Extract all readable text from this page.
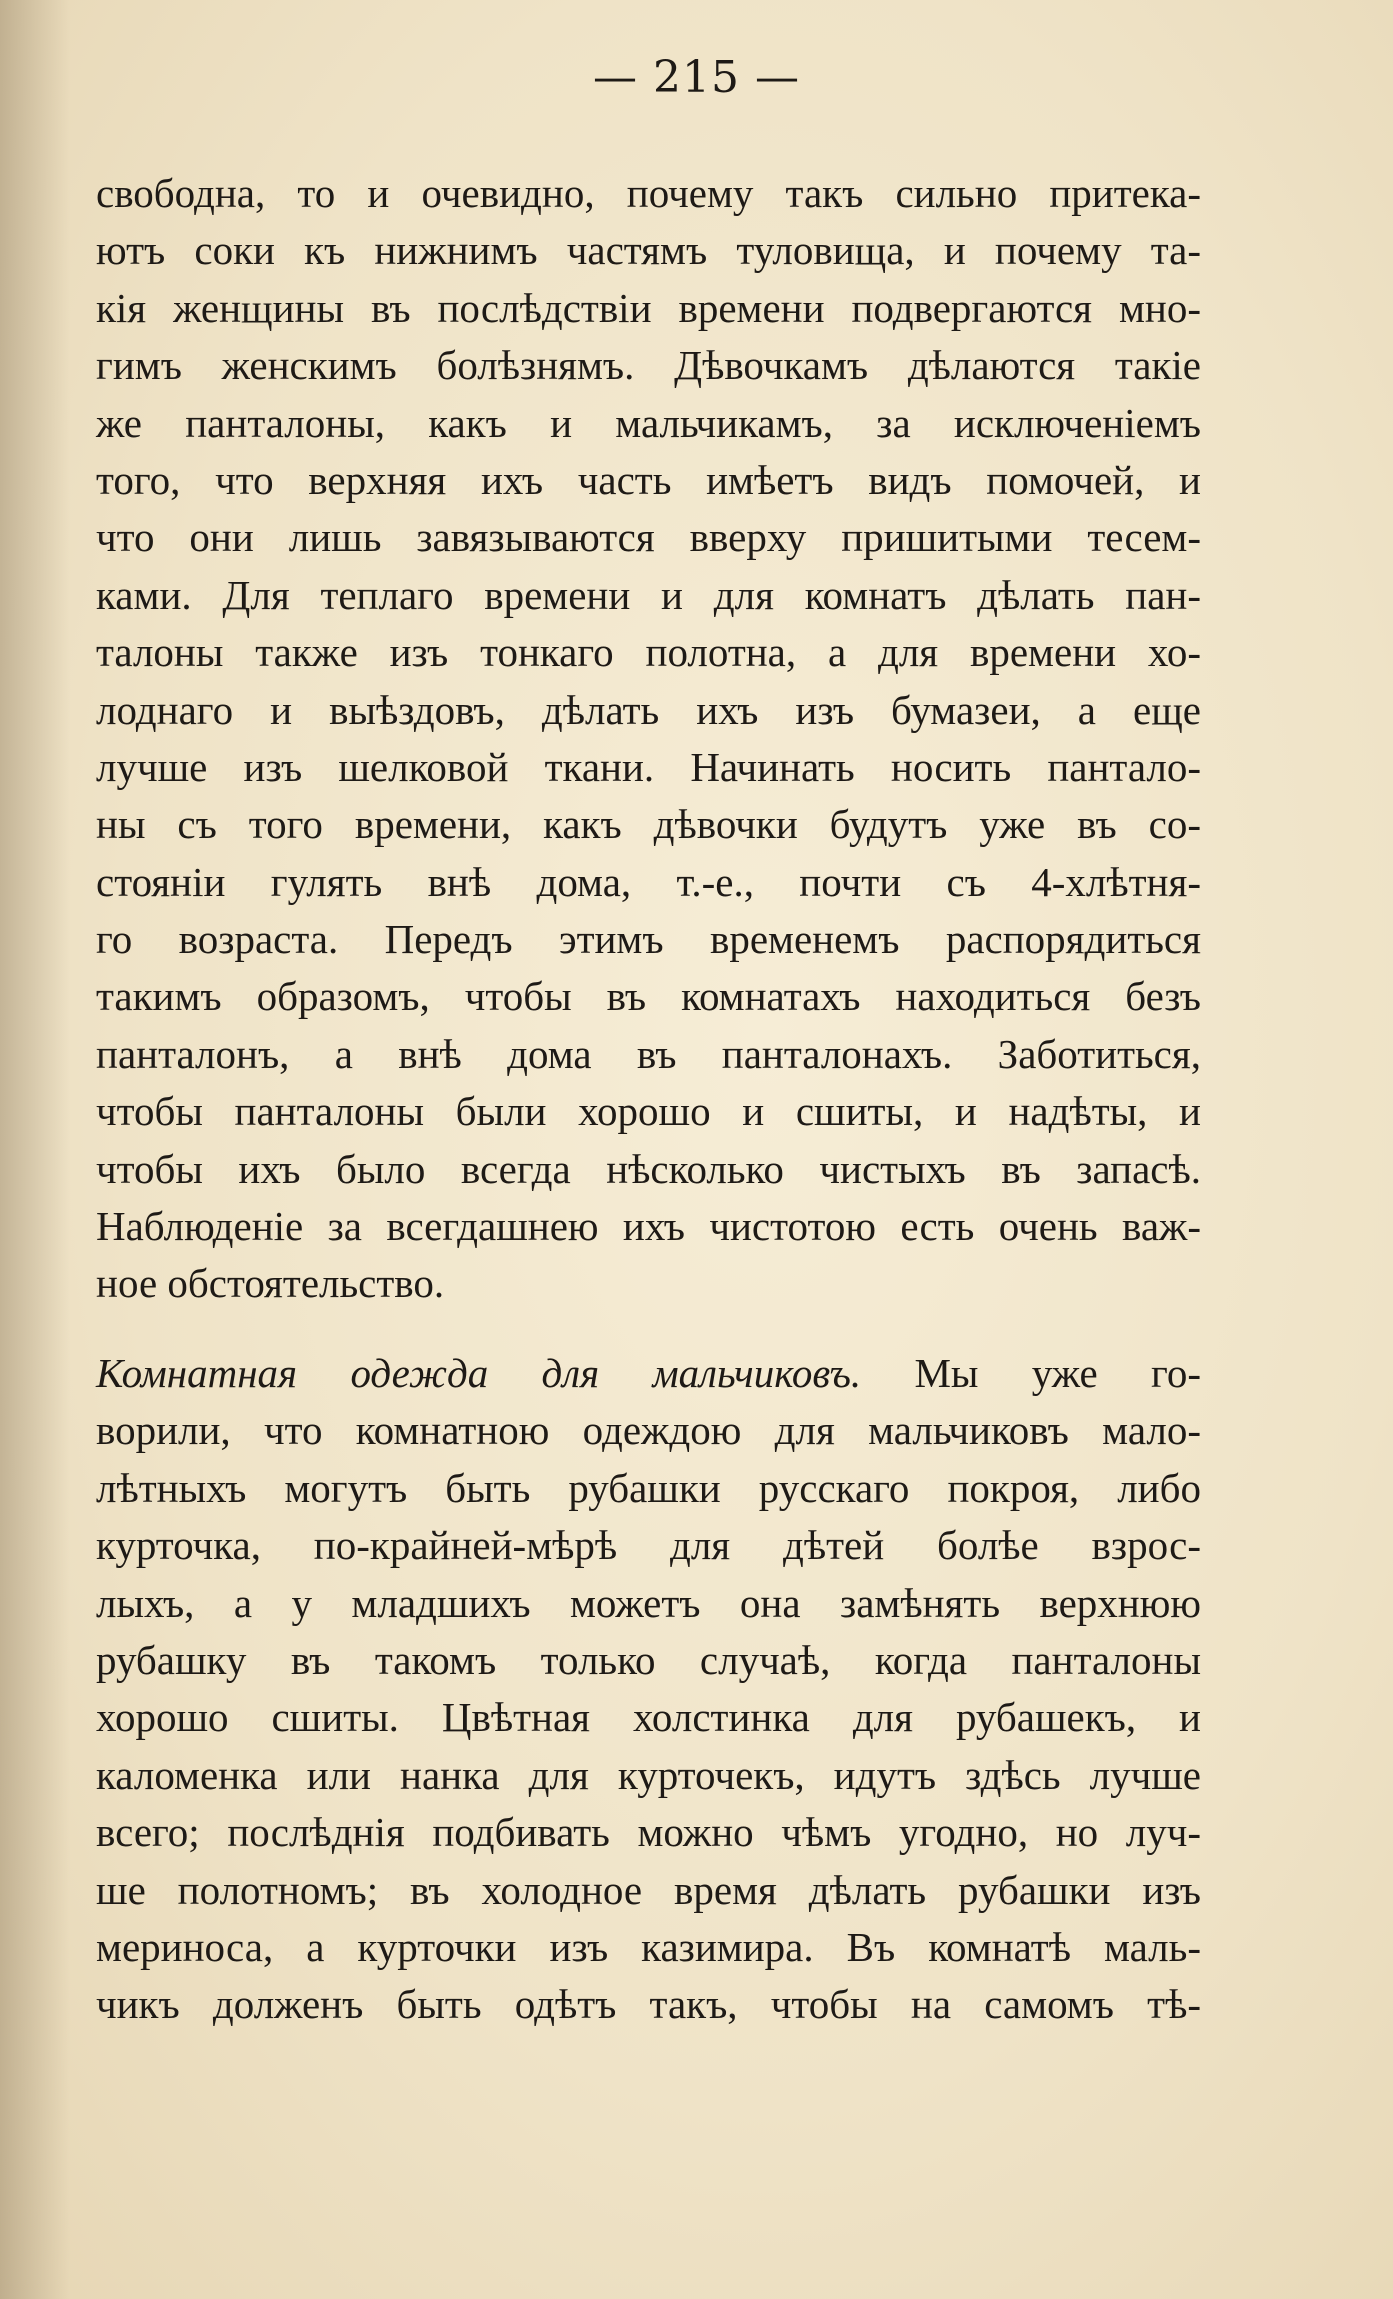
— 215 —
свободна, то и очевидно, почему такъ сильно притека-
ютъ соки къ нижнимъ частямъ туловища, и почему та-
кія женщины въ послѣдствіи времени подвергаются мно-
гимъ женскимъ болѣзнямъ. Дѣвочкамъ дѣлаются такіе
же панталоны, какъ и мальчикамъ, за исключеніемъ
того, что верхняя ихъ часть имѣетъ видъ помочей, и
что они лишь завязываются вверху пришитыми тесем-
ками. Для теплаго времени и для комнатъ дѣлать пан-
талоны также изъ тонкаго полотна, а для времени хо-
лоднаго и выѣздовъ, дѣлать ихъ изъ бумазеи, а еще
лучше изъ шелковой ткани. Начинать носить пантало-
ны съ того времени, какъ дѣвочки будутъ уже въ со-
стояніи гулять внѣ дома, т.-е., почти съ 4-хлѣтня-
го возраста. Передъ этимъ временемъ распорядиться
такимъ образомъ, чтобы въ комнатахъ находиться безъ
панталонъ, а внѣ дома въ панталонахъ. Заботиться,
чтобы панталоны были хорошо и сшиты, и надѣты, и
чтобы ихъ было всегда нѣсколько чистыхъ въ запасѣ.
Наблюденіе за всегдашнею ихъ чистотою есть очень важ-
ное обстоятельство.
Комнатная одежда для мальчиковъ. Мы уже го-
ворили, что комнатною одеждою для мальчиковъ мало-
лѣтныхъ могутъ быть рубашки русскаго покроя, либо
курточка, по-крайней-мѣрѣ для дѣтей болѣе взрос-
лыхъ, а у младшихъ можетъ она замѣнять верхнюю
рубашку въ такомъ только случаѣ, когда панталоны
хорошо сшиты. Цвѣтная холстинка для рубашекъ, и
каломенка или нанка для курточекъ, идутъ здѣсь лучше
всего; послѣднія подбивать можно чѣмъ угодно, но луч-
ше полотномъ; въ холодное время дѣлать рубашки изъ
мериноса, а курточки изъ казимира. Въ комнатѣ маль-
чикъ долженъ быть одѣтъ такъ, чтобы на самомъ тѣ-
